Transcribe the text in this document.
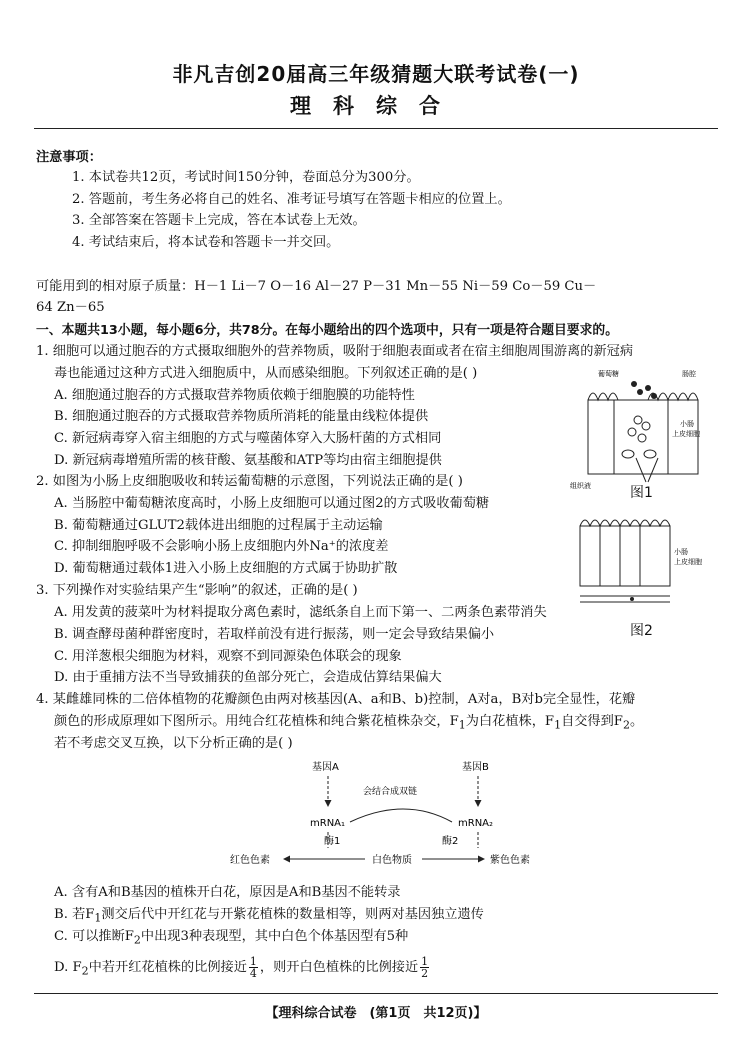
非凡吉创20届高三年级猜题大联考试卷(一)
理科综合
注意事项：
1. 本试卷共12页，考试时间150分钟，卷面总分为300分。
2. 答题前，考生务必将自己的姓名、准考证号填写在答题卡相应的位置上。
3. 全部答案在答题卡上完成，答在本试卷上无效。
4. 考试结束后，将本试卷和答题卡一并交回。
可能用到的相对原子质量：H－1 Li－7 O－16 Al－27 P－31 Mn－55 Ni－59 Co－59 Cu－
64 Zn－65
一、本题共13小题，每小题6分，共78分。在每小题给出的四个选项中，只有一项是符合题目要求的。
1. 细胞可以通过胞吞的方式摄取细胞外的营养物质，吸附于细胞表面或者在宿主细胞周围游离的新冠病
毒也能通过这种方式进入细胞质中，从而感染细胞。下列叙述正确的是( )
A. 细胞通过胞吞的方式摄取营养物质依赖于细胞膜的功能特性
B. 细胞通过胞吞的方式摄取营养物质所消耗的能量由线粒体提供
C. 新冠病毒穿入宿主细胞的方式与噬菌体穿入大肠杆菌的方式相同
D. 新冠病毒增殖所需的核苷酸、氨基酸和ATP等均由宿主细胞提供
葡萄糖	肠腔
小肠
上皮细胞
组织液	图1
2. 如图为小肠上皮细胞吸收和转运葡萄糖的示意图，下列说法正确的是( )
A. 当肠腔中葡萄糖浓度高时，小肠上皮细胞可以通过图2的方式吸收葡萄糖
B. 葡萄糖通过GLUT2载体进出细胞的过程属于主动运输
C. 抑制细胞呼吸不会影响小肠上皮细胞内外Na⁺的浓度差
D. 葡萄糖通过载体1进入小肠上皮细胞的方式属于协助扩散
小肠
上皮细胞
3. 下列操作对实验结果产生“影响”的叙述，正确的是( )
A. 用发黄的菠菜叶为材料提取分离色素时，滤纸条自上而下第一、二两条色素带消失
B. 调查酵母菌种群密度时，若取样前没有进行振荡，则一定会导致结果偏小	图2
C. 用洋葱根尖细胞为材料，观察不到同源染色体联会的现象
D. 由于重捕方法不当导致捕获的鱼部分死亡，会造成估算结果偏大
4. 某雌雄同株的二倍体植物的花瓣颜色由两对核基因(A、a和B、b)控制，A对a，B对b完全显性，花瓣
颜色的形成原理如下图所示。用纯合红花植株和纯合紫花植株杂交，$F_1$为白花植株，$F_1$自交得到$F_2$。
若不考虑交叉互换，以下分析正确的是( )
基因A	基因B
会结合成双链
mRNA₁	mRNA₂
酶1	酶2
红色色素	白色物质	紫色色素
A. 含有A和B基因的植株开白花，原因是A和B基因不能转录
B. 若$F_1$测交后代中开红花与开紫花植株的数量相等，则两对基因独立遗传
C. 可以推断$F_2$中出现3种表现型，其中白色个体基因型有5种
D. $F_2$中若开红花植株的比例接近 $\frac{1}{4}$ ，则开白色植株的比例接近 $\frac{1}{2}$
【理科综合试卷　(第1页　共12页)】
